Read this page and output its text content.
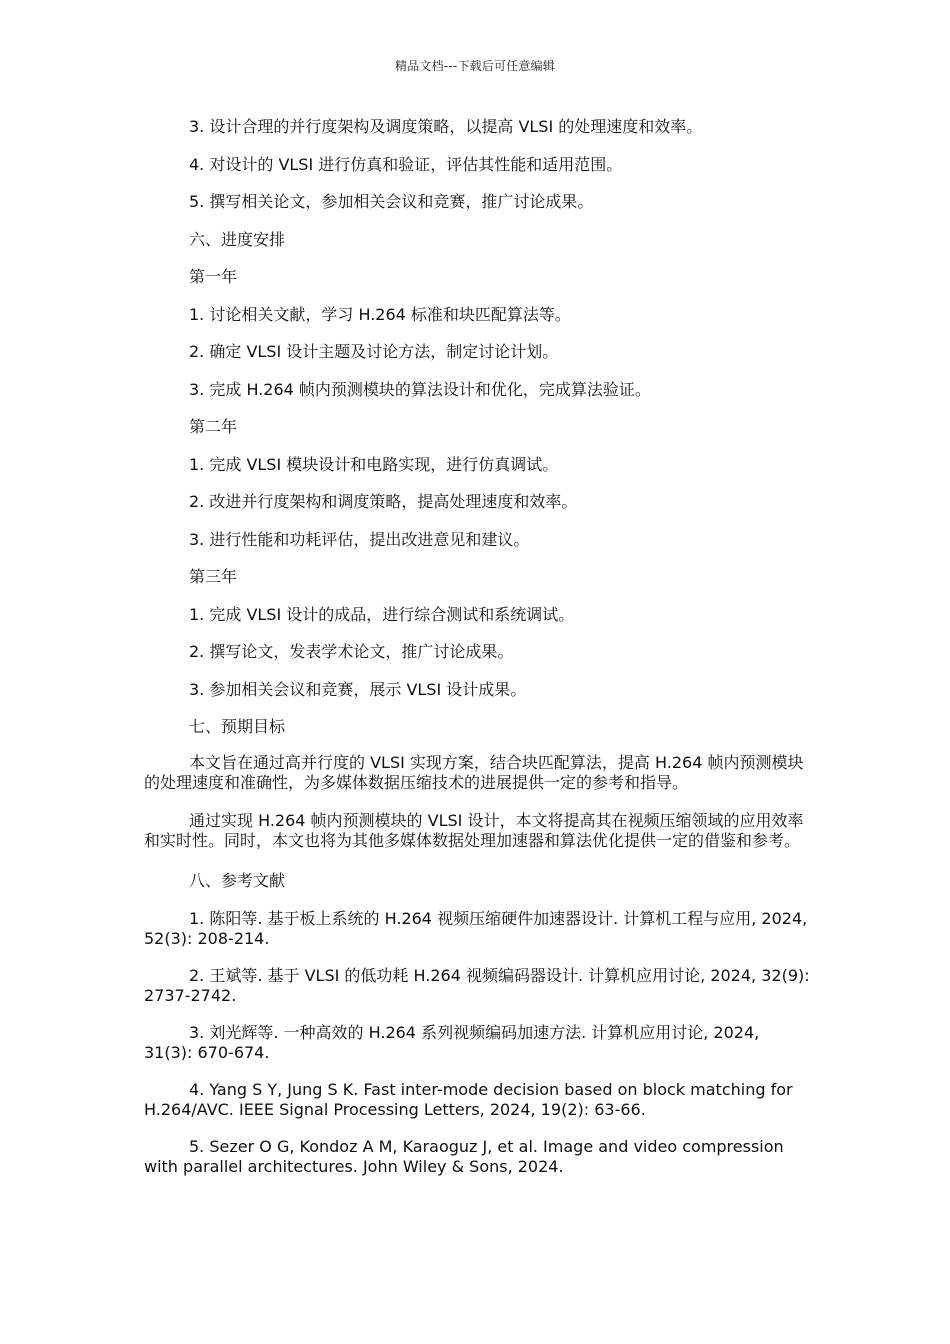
精品文档---下载后可任意编辑
3. 设计合理的并行度架构及调度策略，以提高 VLSI 的处理速度和效率。
4. 对设计的 VLSI 进行仿真和验证，评估其性能和适用范围。
5. 撰写相关论文，参加相关会议和竞赛，推广讨论成果。
六、进度安排
第一年
1. 讨论相关文献，学习 H.264 标准和块匹配算法等。
2. 确定 VLSI 设计主题及讨论方法，制定讨论计划。
3. 完成 H.264 帧内预测模块的算法设计和优化，完成算法验证。
第二年
1. 完成 VLSI 模块设计和电路实现，进行仿真调试。
2. 改进并行度架构和调度策略，提高处理速度和效率。
3. 进行性能和功耗评估，提出改进意见和建议。
第三年
1. 完成 VLSI 设计的成品，进行综合测试和系统调试。
2. 撰写论文，发表学术论文，推广讨论成果。
3. 参加相关会议和竞赛，展示 VLSI 设计成果。
七、预期目标

本文旨在通过高并行度的 VLSI 实现方案，结合块匹配算法，提高 H.264 帧内预测模块的处理速度和准确性，为多媒体数据压缩技术的进展提供一定的参考和指导。

通过实现 H.264 帧内预测模块的 VLSI 设计，本文将提高其在视频压缩领域的应用效率和实时性。同时，本文也将为其他多媒体数据处理加速器和算法优化提供一定的借鉴和参考。

八、参考文献

1. 陈阳等. 基于板上系统的 H.264 视频压缩硬件加速器设计. 计算机工程与应用, 2024, 52(3): 208-214.

2. 王斌等. 基于 VLSI 的低功耗 H.264 视频编码器设计. 计算机应用讨论, 2024, 32(9): 2737-2742.

3. 刘光辉等. 一种高效的 H.264 系列视频编码加速方法. 计算机应用讨论, 2024, 31(3): 670-674.

4. Yang S Y, Jung S K. Fast inter-mode decision based on block matching for H.264/AVC. IEEE Signal Processing Letters, 2024, 19(2): 63-66.

5. Sezer O G, Kondoz A M, Karaoguz J, et al. Image and video compression with parallel architectures. John Wiley & Sons, 2024.
